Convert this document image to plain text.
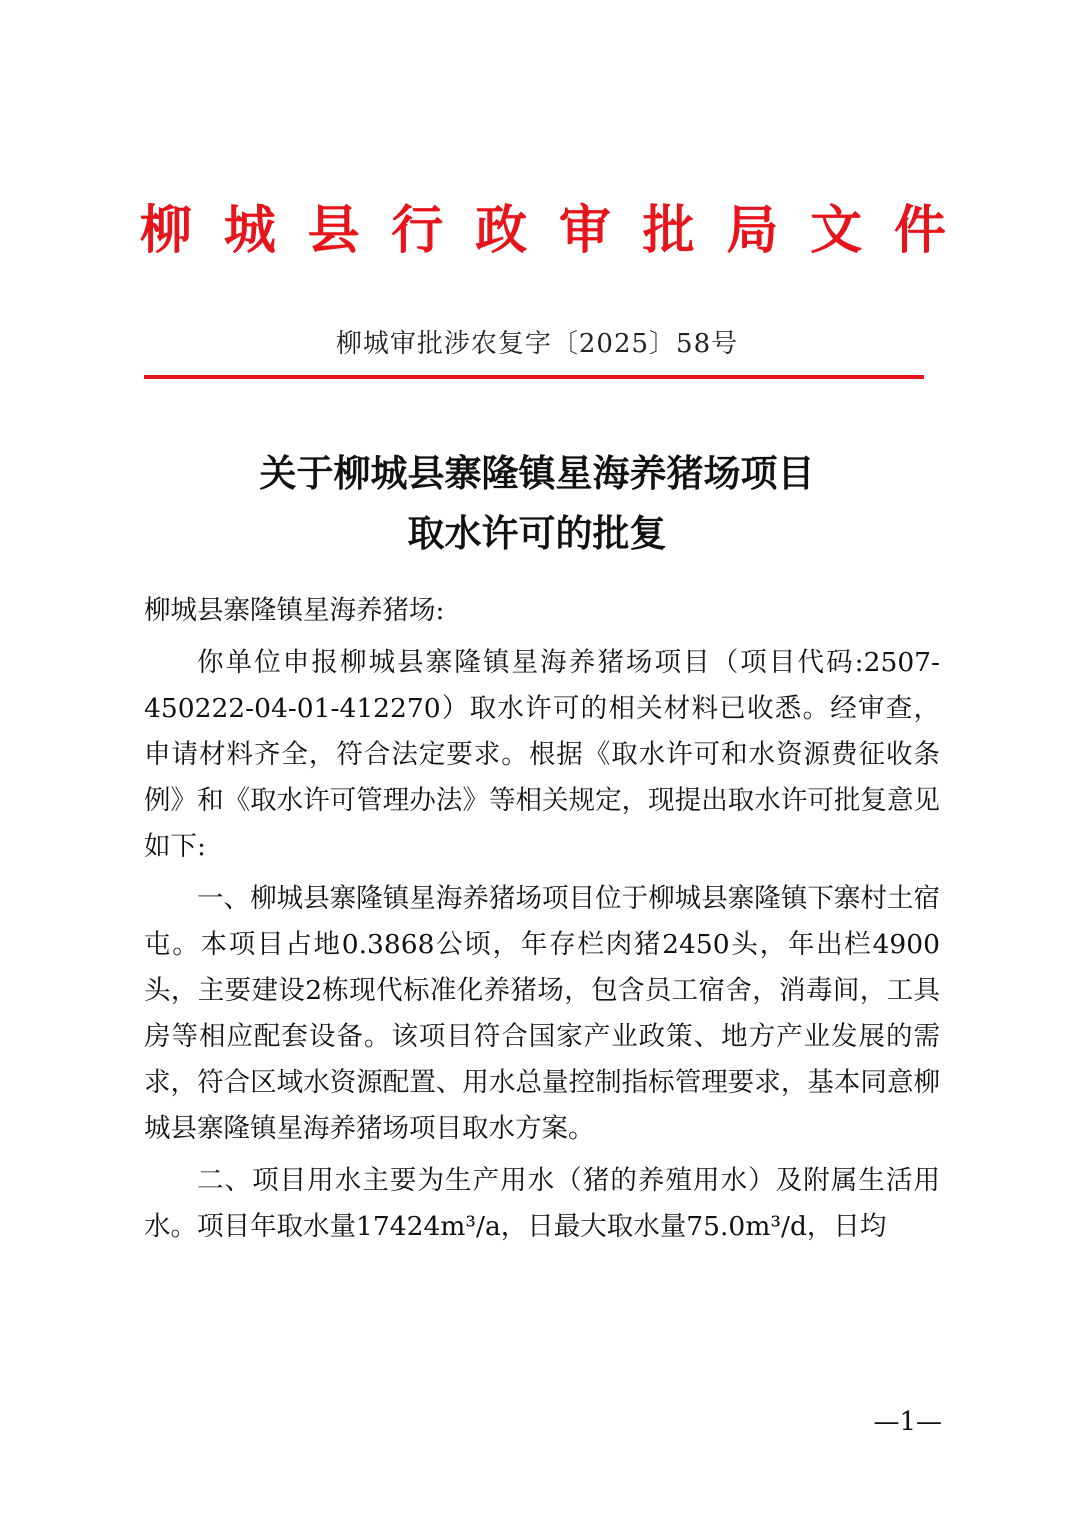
柳 城 县 行 政 审 批 局 文 件
柳城审批涉农复字〔2025〕58号
关于柳城县寨隆镇星海养猪场项目
取水许可的批复

柳城县寨隆镇星海养猪场:

你单位申报柳城县寨隆镇星海养猪场项目（项目代码:2507-450222-04-01-412270）取水许可的相关材料已收悉。经审查，申请材料齐全，符合法定要求。根据《取水许可和水资源费征收条例》和《取水许可管理办法》等相关规定，现提出取水许可批复意见如下:

一、柳城县寨隆镇星海养猪场项目位于柳城县寨隆镇下寨村土宿屯。本项目占地0.3868公顷，年存栏肉猪2450头，年出栏4900头，主要建设2栋现代标准化养猪场，包含员工宿舍，消毒间，工具房等相应配套设备。该项目符合国家产业政策、地方产业发展的需求，符合区域水资源配置、用水总量控制指标管理要求，基本同意柳城县寨隆镇星海养猪场项目取水方案。

二、项目用水主要为生产用水（猪的养殖用水）及附属生活用水。项目年取水量17424m³/a，日最大取水量75.0m³/d，日均

—1—
